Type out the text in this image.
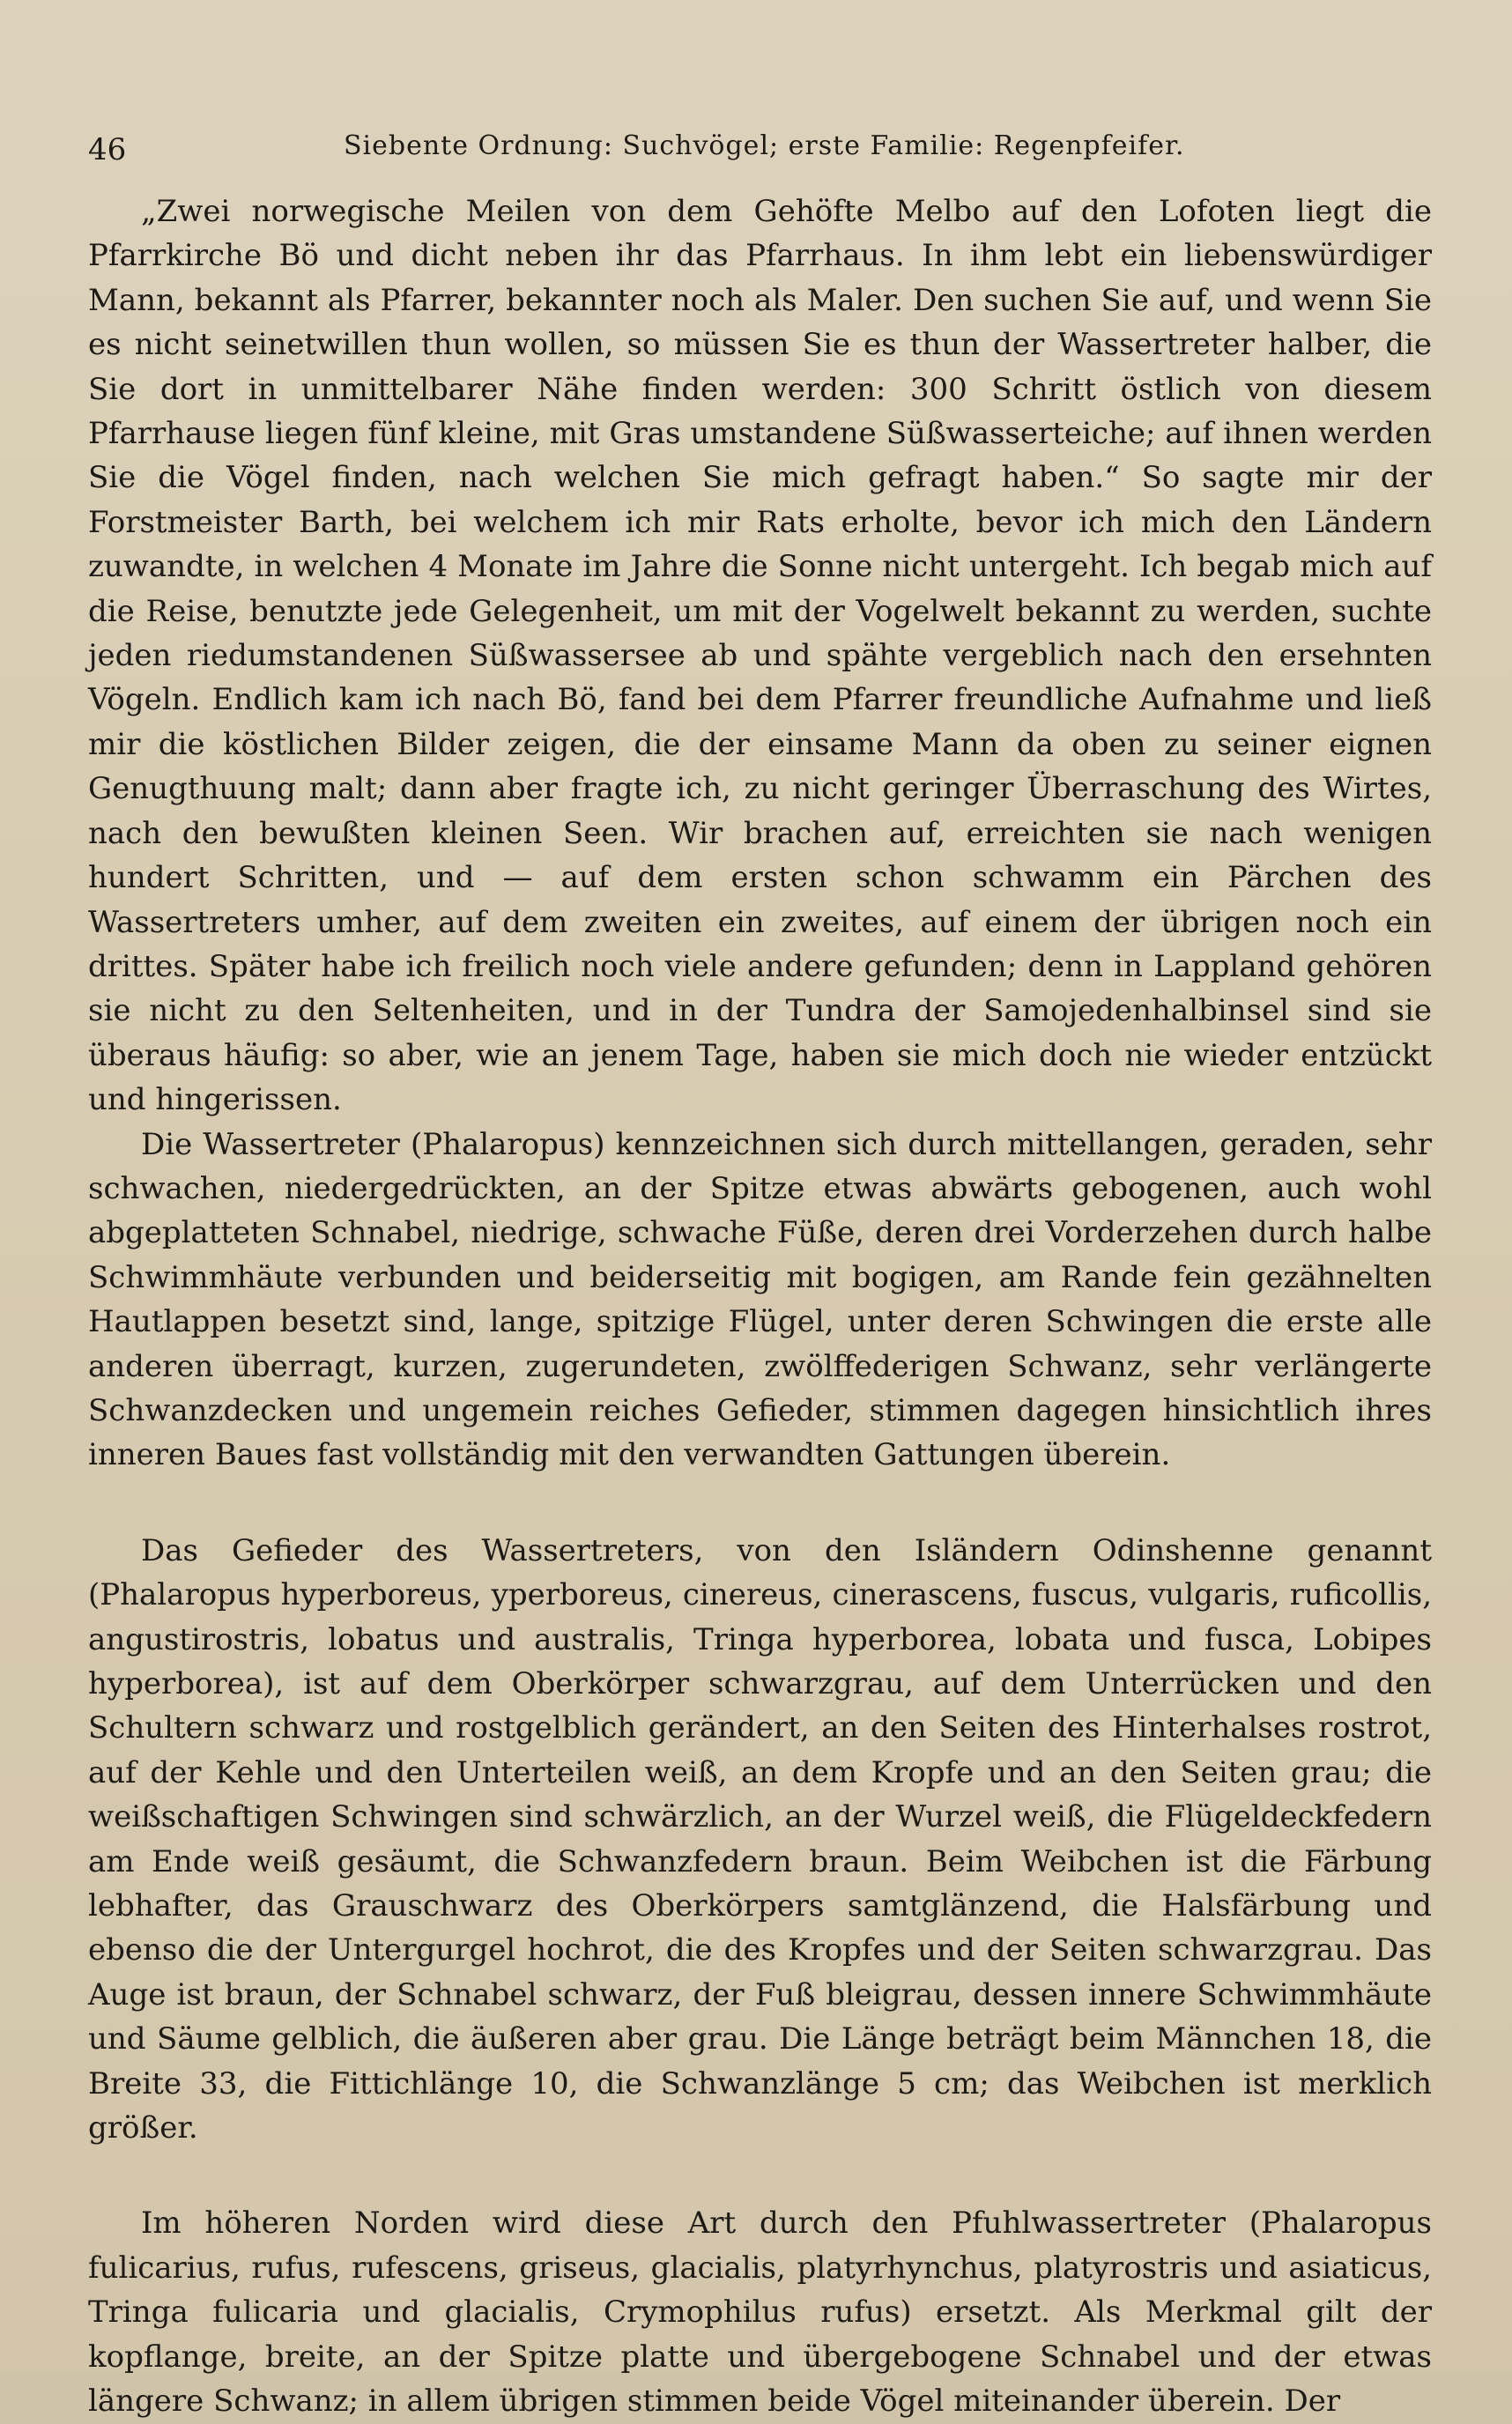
46	Siebente Ordnung: Suchvögel; erste Familie: Regenpfeifer.

„Zwei norwegische Meilen von dem Gehöfte Melbo auf den Lofoten liegt die Pfarrkirche Bö und dicht neben ihr das Pfarrhaus. In ihm lebt ein liebenswürdiger Mann, bekannt als Pfarrer, bekannter noch als Maler. Den suchen Sie auf, und wenn Sie es nicht seinetwillen thun wollen, so müssen Sie es thun der Wassertreter halber, die Sie dort in unmittelbarer Nähe finden werden: 300 Schritt östlich von diesem Pfarrhause liegen fünf kleine, mit Gras umstandene Süßwasserteiche; auf ihnen werden Sie die Vögel finden, nach welchen Sie mich gefragt haben.“ So sagte mir der Forstmeister Barth, bei welchem ich mir Rats erholte, bevor ich mich den Ländern zuwandte, in welchen 4 Monate im Jahre die Sonne nicht untergeht. Ich begab mich auf die Reise, benutzte jede Gelegenheit, um mit der Vogelwelt bekannt zu werden, suchte jeden riedumstandenen Süßwassersee ab und spähte vergeblich nach den ersehnten Vögeln. Endlich kam ich nach Bö, fand bei dem Pfarrer freundliche Aufnahme und ließ mir die köstlichen Bilder zeigen, die der einsame Mann da oben zu seiner eignen Genugthuung malt; dann aber fragte ich, zu nicht geringer Überraschung des Wirtes, nach den bewußten kleinen Seen. Wir brachen auf, erreichten sie nach wenigen hundert Schritten, und — auf dem ersten schon schwamm ein Pärchen des Wassertreters umher, auf dem zweiten ein zweites, auf einem der übrigen noch ein drittes. Später habe ich freilich noch viele andere gefunden; denn in Lappland gehören sie nicht zu den Seltenheiten, und in der Tundra der Samojedenhalbinsel sind sie überaus häufig: so aber, wie an jenem Tage, haben sie mich doch nie wieder entzückt und hingerissen.

Die Wassertreter (Phalaropus) kennzeichnen sich durch mittellangen, geraden, sehr schwachen, niedergedrückten, an der Spitze etwas abwärts gebogenen, auch wohl abgeplatteten Schnabel, niedrige, schwache Füße, deren drei Vorderzehen durch halbe Schwimmhäute verbunden und beiderseitig mit bogigen, am Rande fein gezähnelten Hautlappen besetzt sind, lange, spitzige Flügel, unter deren Schwingen die erste alle anderen überragt, kurzen, zugerundeten, zwölffederigen Schwanz, sehr verlängerte Schwanzdecken und ungemein reiches Gefieder, stimmen dagegen hinsichtlich ihres inneren Baues fast vollständig mit den verwandten Gattungen überein.

Das Gefieder des Wassertreters, von den Isländern Odinshenne genannt (Phalaropus hyperboreus, yperboreus, cinereus, cinerascens, fuscus, vulgaris, ruficollis, angustirostris, lobatus und australis, Tringa hyperborea, lobata und fusca, Lobipes hyperborea), ist auf dem Oberkörper schwarzgrau, auf dem Unterrücken und den Schultern schwarz und rostgelblich gerändert, an den Seiten des Hinterhalses rostrot, auf der Kehle und den Unterteilen weiß, an dem Kropfe und an den Seiten grau; die weißschaftigen Schwingen sind schwärzlich, an der Wurzel weiß, die Flügeldeckfedern am Ende weiß gesäumt, die Schwanzfedern braun. Beim Weibchen ist die Färbung lebhafter, das Grauschwarz des Oberkörpers samtglänzend, die Halsfärbung und ebenso die der Untergurgel hochrot, die des Kropfes und der Seiten schwarzgrau. Das Auge ist braun, der Schnabel schwarz, der Fuß bleigrau, dessen innere Schwimmhäute und Säume gelblich, die äußeren aber grau. Die Länge beträgt beim Männchen 18, die Breite 33, die Fittichlänge 10, die Schwanzlänge 5 cm; das Weibchen ist merklich größer.

Im höheren Norden wird diese Art durch den Pfuhlwassertreter (Phalaropus fulicarius, rufus, rufescens, griseus, glacialis, platyrhynchus, platyrostris und asiaticus, Tringa fulicaria und glacialis, Crymophilus rufus) ersetzt. Als Merkmal gilt der kopflange, breite, an der Spitze platte und übergebogene Schnabel und der etwas längere Schwanz; in allem übrigen stimmen beide Vögel miteinander überein. Der
